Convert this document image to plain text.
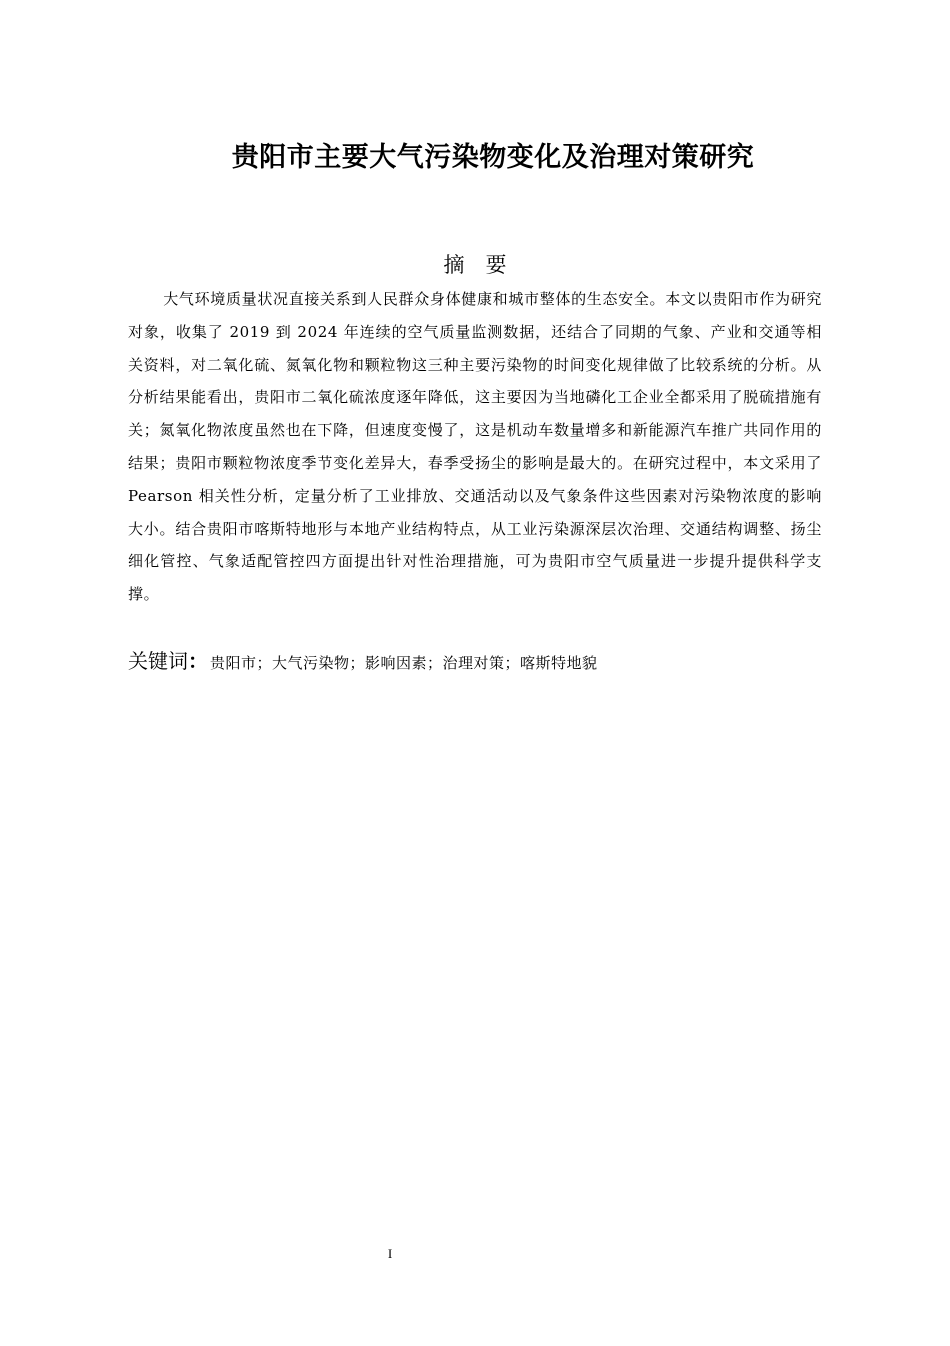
贵阳市主要大气污染物变化及治理对策研究
摘　要
大气环境质量状况直接关系到人民群众身体健康和城市整体的生态安全。本文以贵阳市作为研究对象，收集了 2019 到 2024 年连续的空气质量监测数据，还结合了同期的气象、产业和交通等相关资料，对二氧化硫、氮氧化物和颗粒物这三种主要污染物的时间变化规律做了比较系统的分析。从分析结果能看出，贵阳市二氧化硫浓度逐年降低，这主要因为当地磷化工企业全都采用了脱硫措施有关；氮氧化物浓度虽然也在下降，但速度变慢了，这是机动车数量增多和新能源汽车推广共同作用的结果；贵阳市颗粒物浓度季节变化差异大，春季受扬尘的影响是最大的。在研究过程中，本文采用了 Pearson 相关性分析，定量分析了工业排放、交通活动以及气象条件这些因素对污染物浓度的影响大小。结合贵阳市喀斯特地形与本地产业结构特点，从工业污染源深层次治理、交通结构调整、扬尘细化管控、气象适配管控四方面提出针对性治理措施，可为贵阳市空气质量进一步提升提供科学支撑。
关键词： 贵阳市；大气污染物；影响因素；治理对策；喀斯特地貌
I
